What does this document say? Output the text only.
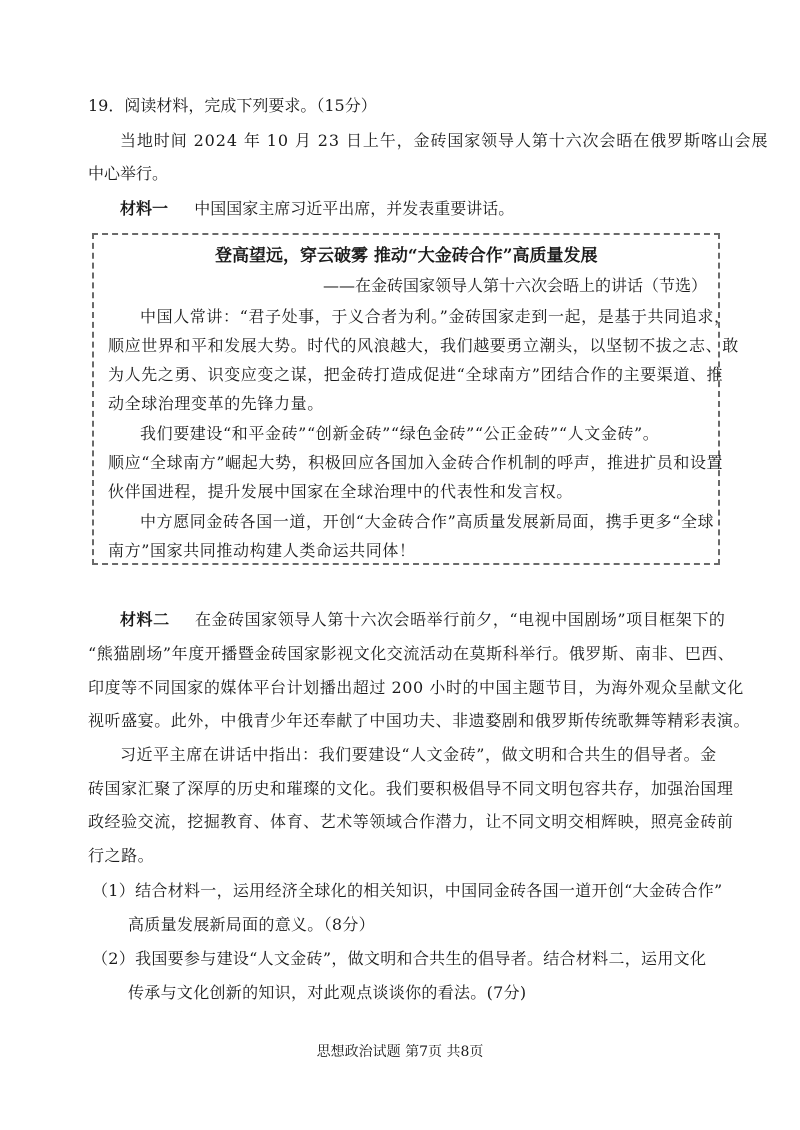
19．阅读材料，完成下列要求。（15分）
当地时间 2024 年 10 月 23 日上午，金砖国家领导人第十六次会晤在俄罗斯喀山会展
中心举行。
材料一 中国国家主席习近平出席，并发表重要讲话。
登高望远，穿云破雾 推动“大金砖合作”高质量发展
——在金砖国家领导人第十六次会晤上的讲话（节选）
中国人常讲：“君子处事，于义合者为利。”金砖国家走到一起，是基于共同追求，
顺应世界和平和发展大势。时代的风浪越大，我们越要勇立潮头，以坚韧不拔之志、敢
为人先之勇、识变应变之谋，把金砖打造成促进“全球南方”团结合作的主要渠道、推
动全球治理变革的先锋力量。
我们要建设“和平金砖”“创新金砖”“绿色金砖”“公正金砖”“人文金砖”。
顺应“全球南方”崛起大势，积极回应各国加入金砖合作机制的呼声，推进扩员和设置
伙伴国进程，提升发展中国家在全球治理中的代表性和发言权。
中方愿同金砖各国一道，开创“大金砖合作”高质量发展新局面，携手更多“全球
南方”国家共同推动构建人类命运共同体！
材料二 在金砖国家领导人第十六次会晤举行前夕，“电视中国剧场”项目框架下的
“熊猫剧场”年度开播暨金砖国家影视文化交流活动在莫斯科举行。俄罗斯、南非、巴西、
印度等不同国家的媒体平台计划播出超过 200 小时的中国主题节目，为海外观众呈献文化
视听盛宴。此外，中俄青少年还奉献了中国功夫、非遗婺剧和俄罗斯传统歌舞等精彩表演。
习近平主席在讲话中指出：我们要建设“人文金砖”，做文明和合共生的倡导者。金
砖国家汇聚了深厚的历史和璀璨的文化。我们要积极倡导不同文明包容共存，加强治国理
政经验交流，挖掘教育、体育、艺术等领域合作潜力，让不同文明交相辉映，照亮金砖前
行之路。
（1）结合材料一，运用经济全球化的相关知识，中国同金砖各国一道开创“大金砖合作”
高质量发展新局面的意义。（8分）
（2）我国要参与建设“人文金砖”，做文明和合共生的倡导者。结合材料二，运用文化
传承与文化创新的知识，对此观点谈谈你的看法。(7分)
思想政治试题 第7页 共8页
